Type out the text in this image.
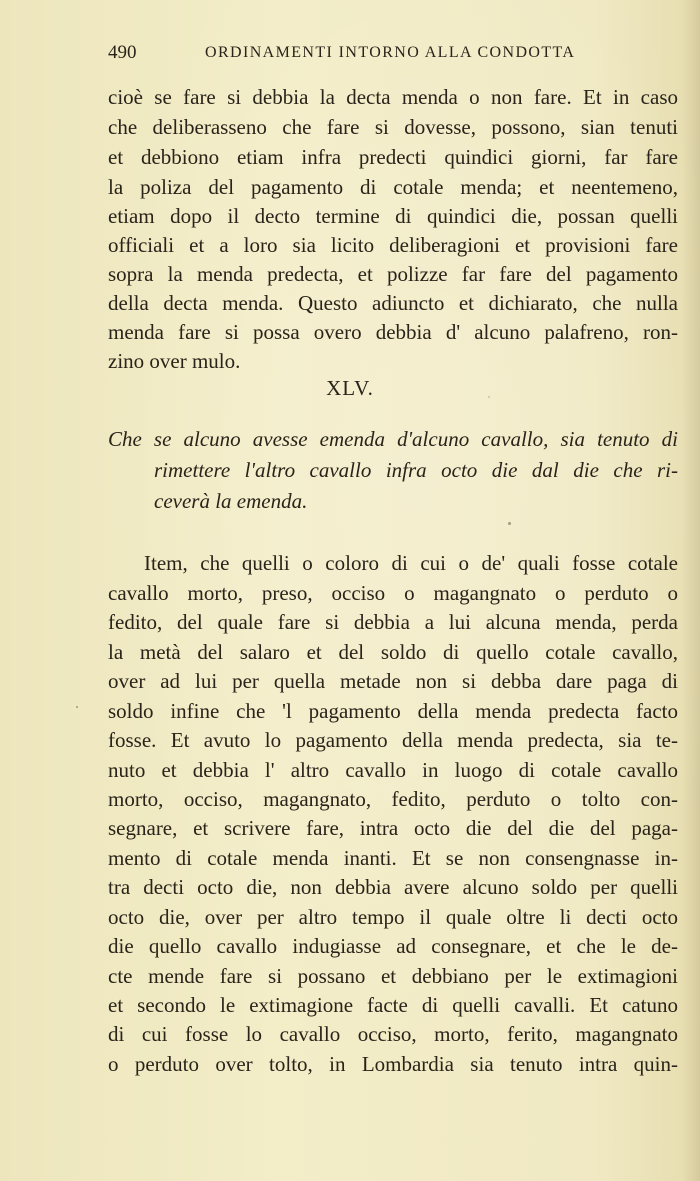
490	ORDINAMENTI INTORNO ALLA CONDOTTA
cioè se fare si debbia la decta menda o non fare. Et in caso
che deliberasseno che fare si dovesse, possono, sian tenuti
et debbiono etiam infra predecti quindici giorni, far fare
la poliza del pagamento di cotale menda; et neentemeno,
etiam dopo il decto termine di quindici die, possan quelli
officiali et a loro sia licito deliberagioni et provisioni fare
sopra la menda predecta, et polizze far fare del pagamento
della decta menda. Questo adiuncto et dichiarato, che nulla
menda fare si possa overo debbia d' alcuno palafreno, ron-
zino over mulo.
XLV.
Che se alcuno avesse emenda d'alcuno cavallo, sia tenuto di
rimettere l'altro cavallo infra octo die dal die che ri-
ceverà la emenda.
Item, che quelli o coloro di cui o de' quali fosse cotale
cavallo morto, preso, occiso o magangnato o perduto o
fedito, del quale fare si debbia a lui alcuna menda, perda
la metà del salaro et del soldo di quello cotale cavallo,
over ad lui per quella metade non si debba dare paga di
soldo infine che 'l pagamento della menda predecta facto
fosse. Et avuto lo pagamento della menda predecta, sia te-
nuto et debbia l' altro cavallo in luogo di cotale cavallo
morto, occiso, magangnato, fedito, perduto o tolto con-
segnare, et scrivere fare, intra octo die del die del paga-
mento di cotale menda inanti. Et se non consengnasse in-
tra decti octo die, non debbia avere alcuno soldo per quelli
octo die, over per altro tempo il quale oltre li decti octo
die quello cavallo indugiasse ad consegnare, et che le de-
cte mende fare si possano et debbiano per le extimagioni
et secondo le extimagione facte di quelli cavalli. Et catuno
di cui fosse lo cavallo occiso, morto, ferito, magangnato
o perduto over tolto, in Lombardia sia tenuto intra quin-
